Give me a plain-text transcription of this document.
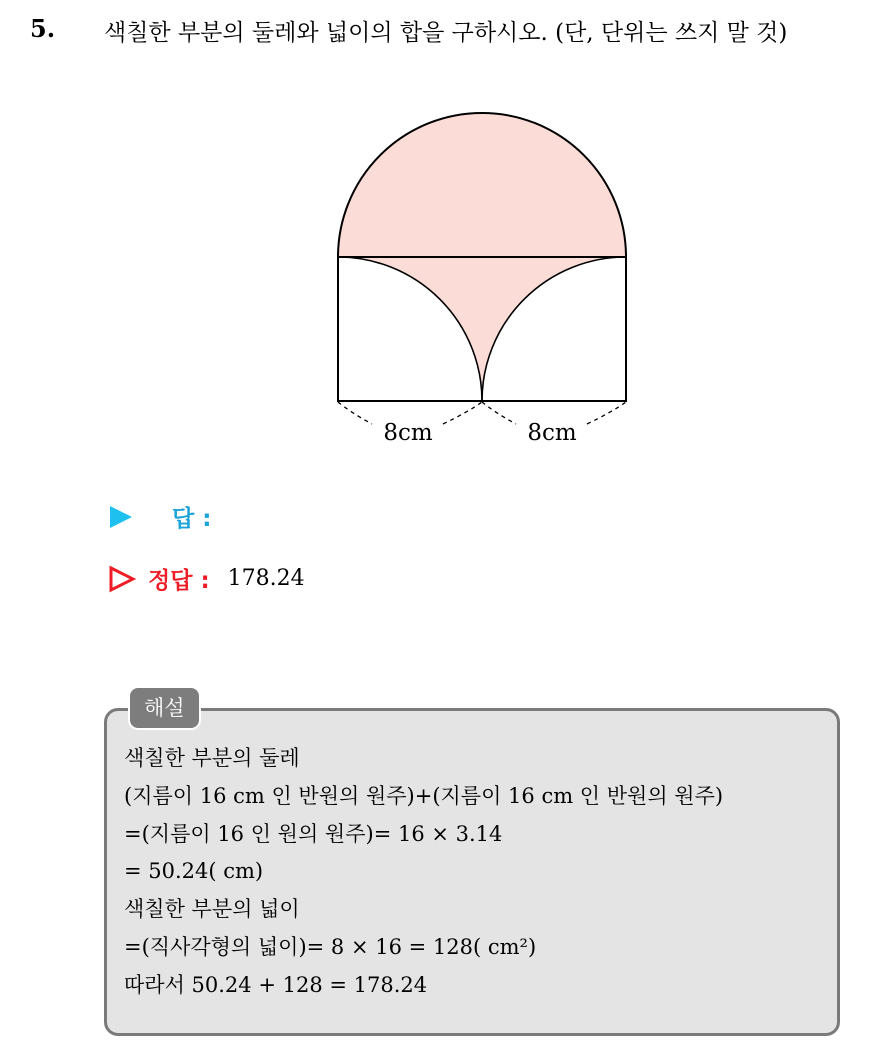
5. 색칠한 부분의 둘레와 넓이의 합을 구하시오. (단, 단위는 쓰지 말 것)
8cm	8cm
답 :
정답 : 178.24
해설
색칠한 부분의 둘레
(지름이 16 cm 인 반원의 원주)+(지름이 16 cm 인 반원의 원주)
=(지름이 16 인 원의 원주)= 16 × 3.14
= 50.24( cm)
색칠한 부분의 넓이
=(직사각형의 넓이)= 8 × 16 = 128( cm²)
따라서 50.24 + 128 = 178.24
